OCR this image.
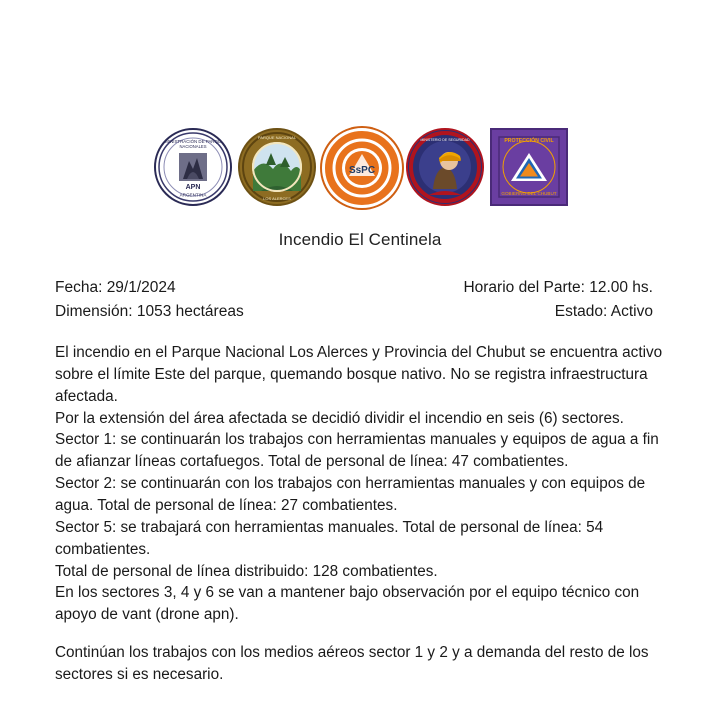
ADMINISTRACIÓN DE PARQUES
NACIONALES
APN
ARGENTINA
PARQUE NACIONAL
LOS ALERCES
SsPC
MINISTERIO DE SEGURIDAD	PROTECCIÓN CIVIL
GOBIERNO DEL CHUBUT
Incendio El Centinela
Fecha: 29/1/2024	Horario del Parte: 12.00 hs.
Dimensión: 1053 hectáreas	Estado: Activo

El incendio en el Parque Nacional Los Alerces y Provincia del Chubut se encuentra activo sobre el límite Este del parque, quemando bosque nativo. No se registra infraestructura afectada.

Por la extensión del área afectada se decidió dividir el incendio en seis (6) sectores.

Sector 1: se continuarán los trabajos con herramientas manuales y equipos de agua a fin de afianzar líneas cortafuegos. Total de personal de línea: 47 combatientes.

Sector 2: se continuarán con los trabajos con herramientas manuales y con equipos de agua. Total de personal de línea: 27 combatientes.

Sector 5: se trabajará con herramientas manuales. Total de personal de línea: 54 combatientes.

Total de personal de línea distribuido: 128 combatientes.

En los sectores 3, 4 y 6 se van a mantener bajo observación por el equipo técnico con apoyo de vant (drone apn).

Continúan los trabajos con los medios aéreos sector 1 y 2 y a demanda del resto de los sectores si es necesario.
